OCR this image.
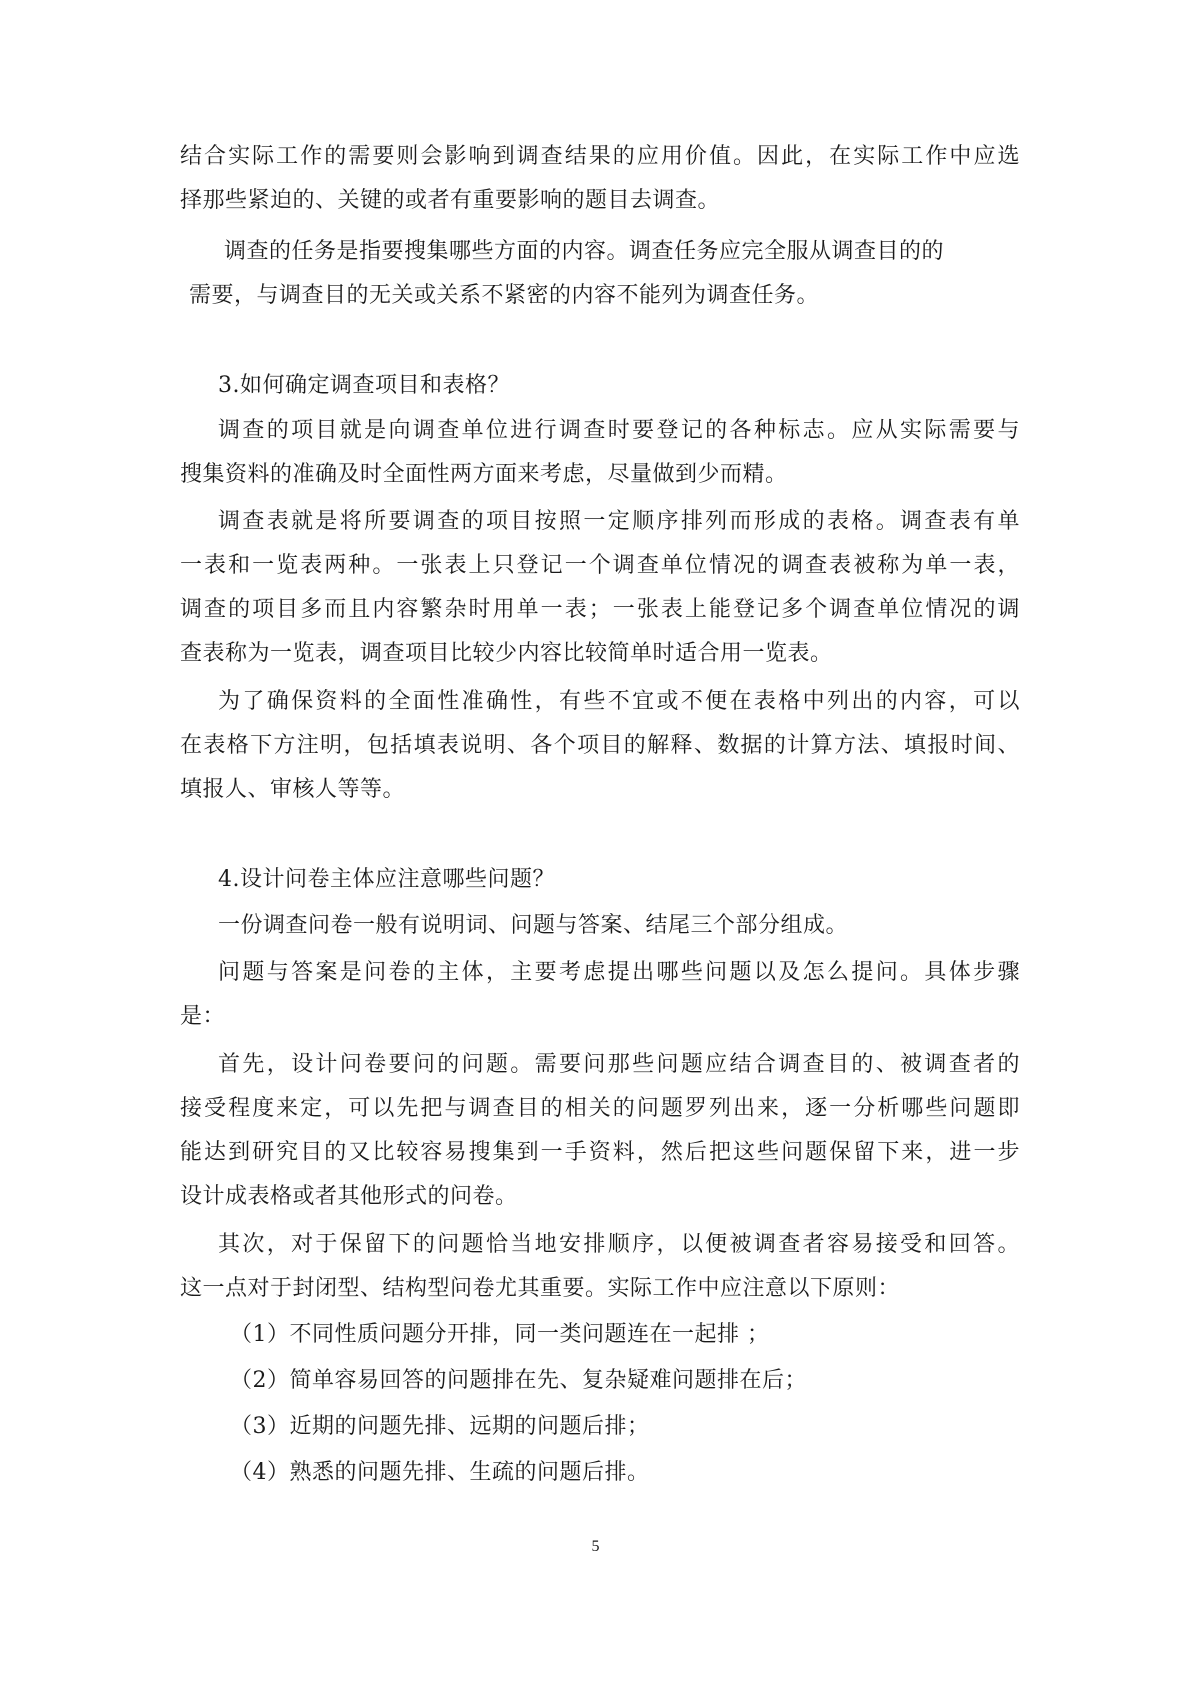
结合实际工作的需要则会影响到调查结果的应用价值。因此，在实际工作中应选
择那些紧迫的、关键的或者有重要影响的题目去调查。
调查的任务是指要搜集哪些方面的内容。调查任务应完全服从调查目的的
需要，与调查目的无关或关系不紧密的内容不能列为调查任务。
3.如何确定调查项目和表格？
调查的项目就是向调查单位进行调查时要登记的各种标志。应从实际需要与
搜集资料的准确及时全面性两方面来考虑，尽量做到少而精。
调查表就是将所要调查的项目按照一定顺序排列而形成的表格。调查表有单
一表和一览表两种。一张表上只登记一个调查单位情况的调查表被称为单一表，
调查的项目多而且内容繁杂时用单一表；一张表上能登记多个调查单位情况的调
查表称为一览表，调查项目比较少内容比较简单时适合用一览表。
为了确保资料的全面性准确性，有些不宜或不便在表格中列出的内容，可以
在表格下方注明，包括填表说明、各个项目的解释、数据的计算方法、填报时间、
填报人、审核人等等。
4.设计问卷主体应注意哪些问题？
一份调查问卷一般有说明词、问题与答案、结尾三个部分组成。
问题与答案是问卷的主体，主要考虑提出哪些问题以及怎么提问。具体步骤
是：
首先，设计问卷要问的问题。需要问那些问题应结合调查目的、被调查者的
接受程度来定，可以先把与调查目的相关的问题罗列出来，逐一分析哪些问题即
能达到研究目的又比较容易搜集到一手资料，然后把这些问题保留下来，进一步
设计成表格或者其他形式的问卷。
其次，对于保留下的问题恰当地安排顺序，以便被调查者容易接受和回答。
这一点对于封闭型、结构型问卷尤其重要。实际工作中应注意以下原则：
（1）不同性质问题分开排，同一类问题连在一起排 ；
（2）简单容易回答的问题排在先、复杂疑难问题排在后；
（3）近期的问题先排、远期的问题后排；
（4）熟悉的问题先排、生疏的问题后排。
5
